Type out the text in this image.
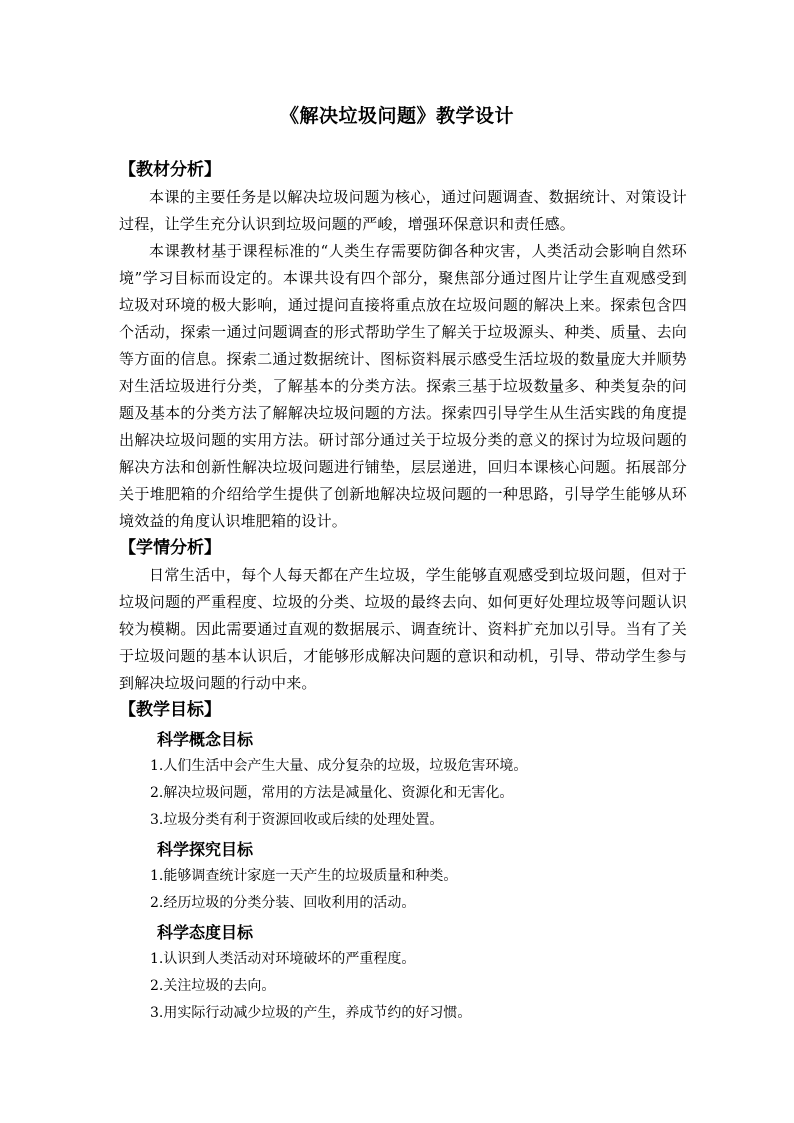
《解决垃圾问题》教学设计
【教材分析】

本课的主要任务是以解决垃圾问题为核心，通过问题调查、数据统计、对策设计过程，让学生充分认识到垃圾问题的严峻，增强环保意识和责任感。

本课教材基于课程标准的“人类生存需要防御各种灾害，人类活动会影响自然环境”学习目标而设定的。本课共设有四个部分，聚焦部分通过图片让学生直观感受到垃圾对环境的极大影响，通过提问直接将重点放在垃圾问题的解决上来。探索包含四个活动，探索一通过问题调查的形式帮助学生了解关于垃圾源头、种类、质量、去向等方面的信息。探索二通过数据统计、图标资料展示感受生活垃圾的数量庞大并顺势对生活垃圾进行分类，了解基本的分类方法。探索三基于垃圾数量多、种类复杂的问题及基本的分类方法了解解决垃圾问题的方法。探索四引导学生从生活实践的角度提出解决垃圾问题的实用方法。研讨部分通过关于垃圾分类的意义的探讨为垃圾问题的解决方法和创新性解决垃圾问题进行铺垫，层层递进，回归本课核心问题。拓展部分关于堆肥箱的介绍给学生提供了创新地解决垃圾问题的一种思路，引导学生能够从环境效益的角度认识堆肥箱的设计。

【学情分析】

日常生活中，每个人每天都在产生垃圾，学生能够直观感受到垃圾问题，但对于垃圾问题的严重程度、垃圾的分类、垃圾的最终去向、如何更好处理垃圾等问题认识较为模糊。因此需要通过直观的数据展示、调查统计、资料扩充加以引导。当有了关于垃圾问题的基本认识后，才能够形成解决问题的意识和动机，引导、带动学生参与到解决垃圾问题的行动中来。

【教学目标】
科学概念目标

1.人们生活中会产生大量、成分复杂的垃圾，垃圾危害环境。

2.解决垃圾问题，常用的方法是减量化、资源化和无害化。

3.垃圾分类有利于资源回收或后续的处理处置。

科学探究目标

1.能够调查统计家庭一天产生的垃圾质量和种类。

2.经历垃圾的分类分装、回收利用的活动。

科学态度目标

1.认识到人类活动对环境破坏的严重程度。

2.关注垃圾的去向。

3.用实际行动减少垃圾的产生，养成节约的好习惯。
